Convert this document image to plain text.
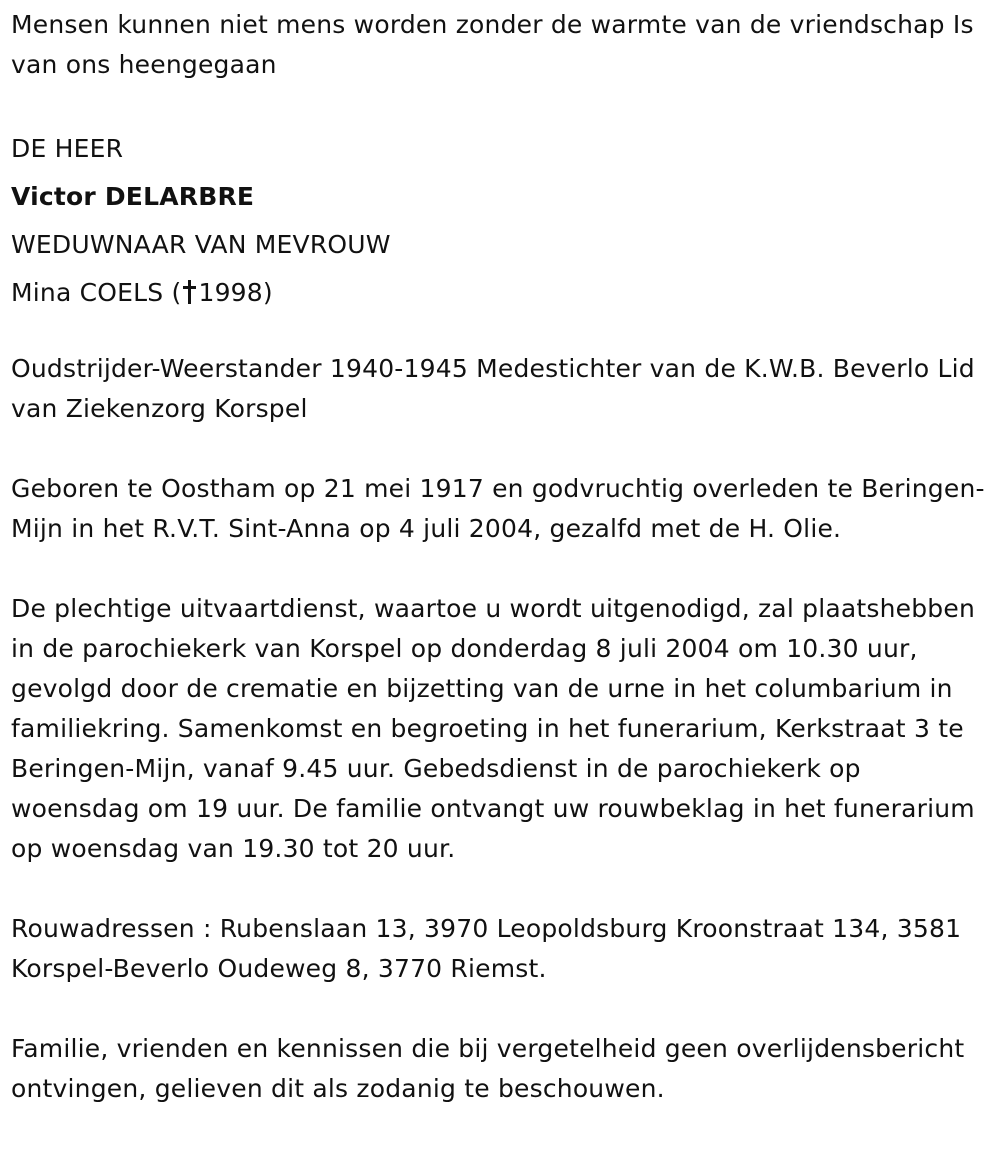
Mensen kunnen niet mens worden zonder de warmte van de vriendschap Is van ons heengegaan

DE HEER
Victor DELARBRE
WEDUWNAAR VAN MEVROUW
Mina COELS ( 1998)

Oudstrijder-Weerstander 1940-1945 Medestichter van de K.W.B. Beverlo Lid van Ziekenzorg Korspel

Geboren te Oostham op 21 mei 1917 en godvruchtig overleden te Beringen-Mijn in het R.V.T. Sint-Anna op 4 juli 2004, gezalfd met de H. Olie.

De plechtige uitvaartdienst, waartoe u wordt uitgenodigd, zal plaatshebben in de parochiekerk van Korspel op donderdag 8 juli 2004 om 10.30 uur, gevolgd door de crematie en bijzetting van de urne in het columbarium in familiekring. Samenkomst en begroeting in het funerarium, Kerkstraat 3 te Beringen-Mijn, vanaf 9.45 uur. Gebedsdienst in de parochiekerk op woensdag om 19 uur. De familie ontvangt uw rouwbeklag in het funerarium op woensdag van 19.30 tot 20 uur.

Rouwadressen : Rubenslaan 13, 3970 Leopoldsburg Kroonstraat 134, 3581 Korspel-Beverlo Oudeweg 8, 3770 Riemst.

Familie, vrienden en kennissen die bij vergetelheid geen overlijdensbericht ontvingen, gelieven dit als zodanig te beschouwen.
